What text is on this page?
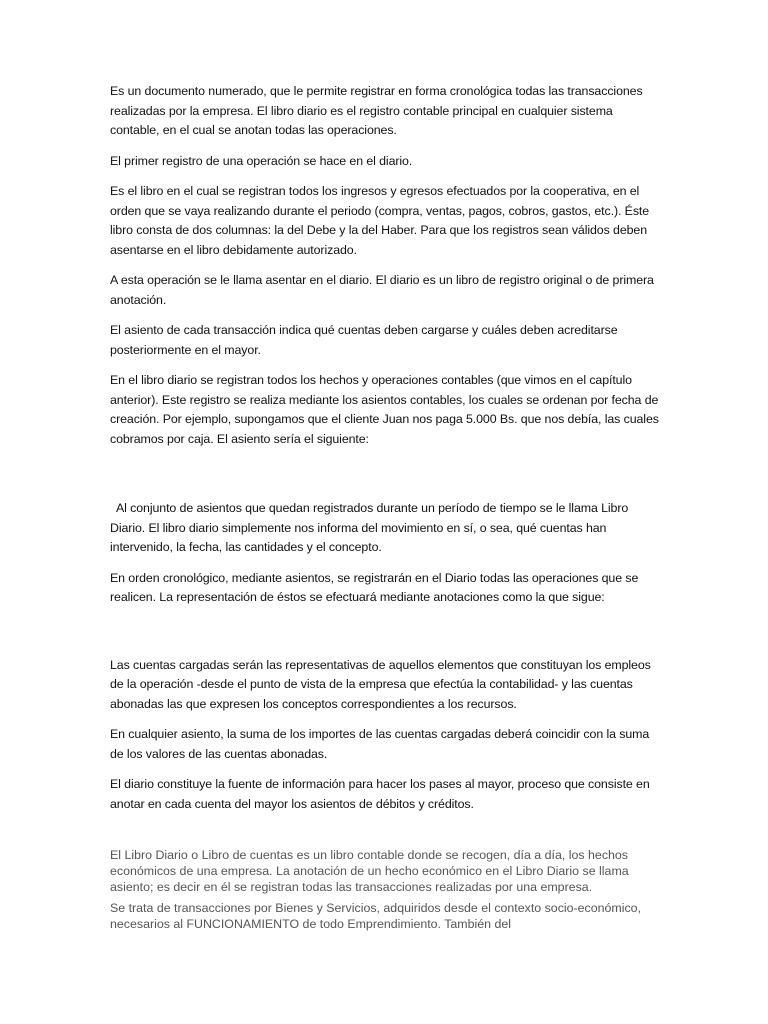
Es un documento numerado, que le permite registrar en forma cronológica todas las transacciones realizadas por la empresa. El libro diario es el registro contable principal en cualquier sistema contable, en el cual se anotan todas las operaciones.

El primer registro de una operación se hace en el diario.

Es el libro en el cual se registran todos los ingresos y egresos efectuados por la cooperativa, en el orden que se vaya realizando durante el periodo (compra, ventas, pagos, cobros, gastos, etc.). Éste libro consta de dos columnas: la del Debe y la del Haber. Para que los registros sean válidos deben asentarse en el libro debidamente autorizado.

A esta operación se le llama asentar en el diario. El diario es un libro de registro original o de primera anotación.

El asiento de cada transacción indica qué cuentas deben cargarse y cuáles deben acreditarse posteriormente en el mayor.

En el libro diario se registran todos los hechos y operaciones contables (que vimos en el capítulo anterior). Este registro se realiza mediante los asientos contables, los cuales se ordenan por fecha de creación. Por ejemplo, supongamos que el cliente Juan nos paga 5.000 Bs. que nos debía, las cuales cobramos por caja. El asiento sería el siguiente:

Al conjunto de asientos que quedan registrados durante un período de tiempo se le llama Libro Diario. El libro diario simplemente nos informa del movimiento en sí, o sea, qué cuentas han intervenido, la fecha, las cantidades y el concepto.

En orden cronológico, mediante asientos, se registrarán en el Diario todas las operaciones que se realicen. La representación de éstos se efectuará mediante anotaciones como la que sigue:

Las cuentas cargadas serán las representativas de aquellos elementos que constituyan los empleos de la operación -desde el punto de vista de la empresa que efectúa la contabilidad- y las cuentas abonadas las que expresen los conceptos correspondientes a los recursos.

En cualquier asiento, la suma de los importes de las cuentas cargadas deberá coincidir con la suma de los valores de las cuentas abonadas.

El diario constituye la fuente de información para hacer los pases al mayor, proceso que consiste en anotar en cada cuenta del mayor los asientos de débitos y créditos.

El Libro Diario o Libro de cuentas es un libro contable donde se recogen, día a día, los hechos económicos de una empresa. La anotación de un hecho económico en el Libro Diario se llama asiento; es decir en él se registran todas las transacciones realizadas por una empresa.

Se trata de transacciones por Bienes y Servicios, adquiridos desde el contexto socio-económico, necesarios al FUNCIONAMIENTO de todo Emprendimiento. También del
